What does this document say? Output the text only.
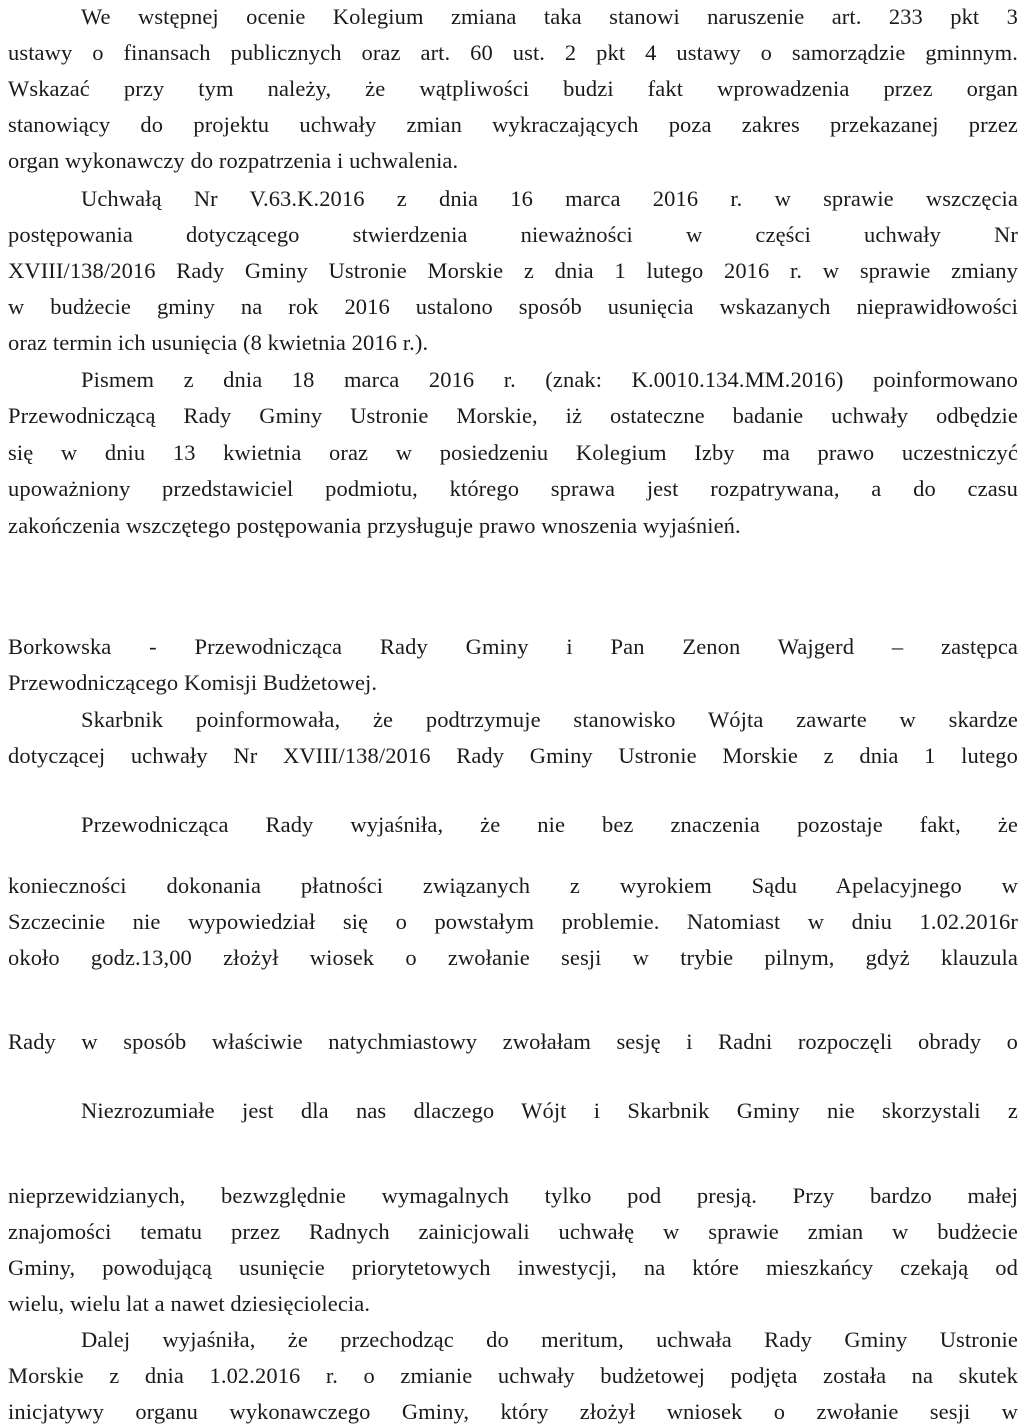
We wstępnej ocenie Kolegium zmiana taka stanowi naruszenie art. 233 pkt 3
ustawy o finansach publicznych oraz art. 60 ust. 2 pkt 4 ustawy o samorządzie gminnym.
Wskazać przy tym należy, że wątpliwości budzi fakt wprowadzenia przez organ
stanowiący do projektu uchwały zmian wykraczających poza zakres przekazanej przez
organ wykonawczy do rozpatrzenia i uchwalenia.
Uchwałą Nr V.63.K.2016 z dnia 16 marca 2016 r. w sprawie wszczęcia
postępowania dotyczącego stwierdzenia nieważności w części uchwały Nr
XVIII/138/2016 Rady Gminy Ustronie Morskie z dnia 1 lutego 2016 r. w sprawie zmiany
w budżecie gminy na rok 2016 ustalono sposób usunięcia wskazanych nieprawidłowości
oraz termin ich usunięcia (8 kwietnia 2016 r.).
Pismem z dnia 18 marca 2016 r. (znak: K.0010.134.MM.2016) poinformowano
Przewodniczącą Rady Gminy Ustronie Morskie, iż ostateczne badanie uchwały odbędzie
się w dniu 13 kwietnia oraz w posiedzeniu Kolegium Izby ma prawo uczestniczyć
upoważniony przedstawiciel podmiotu, którego sprawa jest rozpatrywana, a do czasu
zakończenia wszczętego postępowania przysługuje prawo wnoszenia wyjaśnień.
Borkowska - Przewodnicząca Rady Gminy i Pan Zenon Wajgerd – zastępca
Przewodniczącego Komisji Budżetowej.
Skarbnik poinformowała, że podtrzymuje stanowisko Wójta zawarte w skardze
dotyczącej uchwały Nr XVIII/138/2016 Rady Gminy Ustronie Morskie z dnia 1 lutego
Przewodnicząca Rady wyjaśniła, że nie bez znaczenia pozostaje fakt, że
konieczności dokonania płatności związanych z wyrokiem Sądu Apelacyjnego w
Szczecinie nie wypowiedział się o powstałym problemie. Natomiast w dniu 1.02.2016r
około godz.13,00 złożył wiosek o zwołanie sesji w trybie pilnym, gdyż klauzula
Rady w sposób właściwie natychmiastowy zwołałam sesję i Radni rozpoczęli obrady o
Niezrozumiałe jest dla nas dlaczego Wójt i Skarbnik Gminy nie skorzystali z
nieprzewidzianych, bezwzględnie wymagalnych tylko pod presją. Przy bardzo małej
znajomości tematu przez Radnych zainicjowali uchwałę w sprawie zmian w budżecie
Gminy, powodującą usunięcie priorytetowych inwestycji, na które mieszkańcy czekają od
wielu, wielu lat a nawet dziesięciolecia.
Dalej wyjaśniła, że przechodząc do meritum, uchwała Rady Gminy Ustronie
Morskie z dnia 1.02.2016 r. o zmianie uchwały budżetowej podjęta została na skutek
inicjatywy organu wykonawczego Gminy, który złożył wniosek o zwołanie sesji w
